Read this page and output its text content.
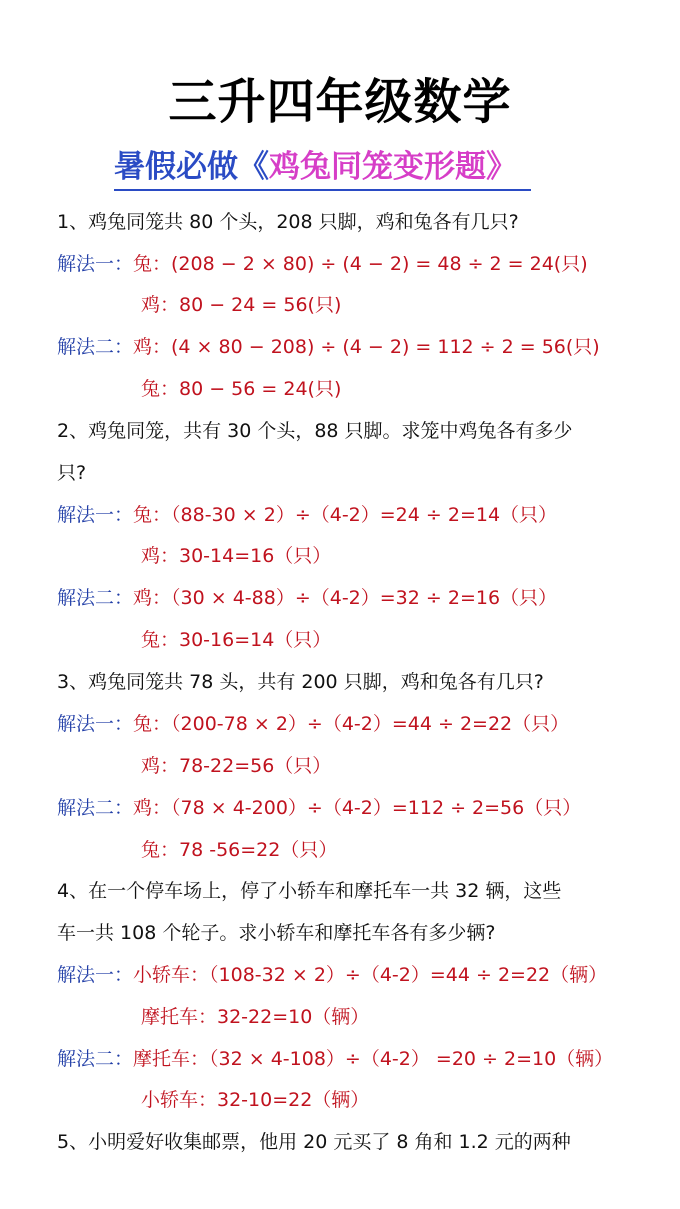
三升四年级数学
暑假必做《鸡兔同笼变形题》
1、鸡兔同笼共 80 个头，208 只脚，鸡和兔各有几只?
解法一：兔：(208 − 2 × 80) ÷ (4 − 2) = 48 ÷ 2 = 24(只)
鸡：80 − 24 = 56(只)
解法二：鸡：(4 × 80 − 208) ÷ (4 − 2) = 112 ÷ 2 = 56(只)
兔：80 − 56 = 24(只)
2、鸡兔同笼，共有 30 个头，88 只脚。求笼中鸡兔各有多少
只?
解法一：兔：（88-30 × 2）÷（4-2）=24 ÷ 2=14（只）
鸡：30-14=16（只）
解法二：鸡：（30 × 4-88）÷（4-2）=32 ÷ 2=16（只）
兔：30-16=14（只）
3、鸡兔同笼共 78 头，共有 200 只脚，鸡和兔各有几只?
解法一：兔：（200-78 × 2）÷（4-2）=44 ÷ 2=22（只）
鸡：78-22=56（只）
解法二：鸡：（78 × 4-200）÷（4-2）=112 ÷ 2=56（只）
兔：78 -56=22（只）
4、在一个停车场上，停了小轿车和摩托车一共 32 辆，这些
车一共 108 个轮子。求小轿车和摩托车各有多少辆?
解法一：小轿车：（108-32 × 2）÷（4-2）=44 ÷ 2=22（辆）
摩托车：32-22=10（辆）
解法二：摩托车：（32 × 4-108）÷（4-2） =20 ÷ 2=10（辆）
小轿车：32-10=22（辆）
5、小明爱好收集邮票，他用 20 元买了 8 角和 1.2 元的两种
